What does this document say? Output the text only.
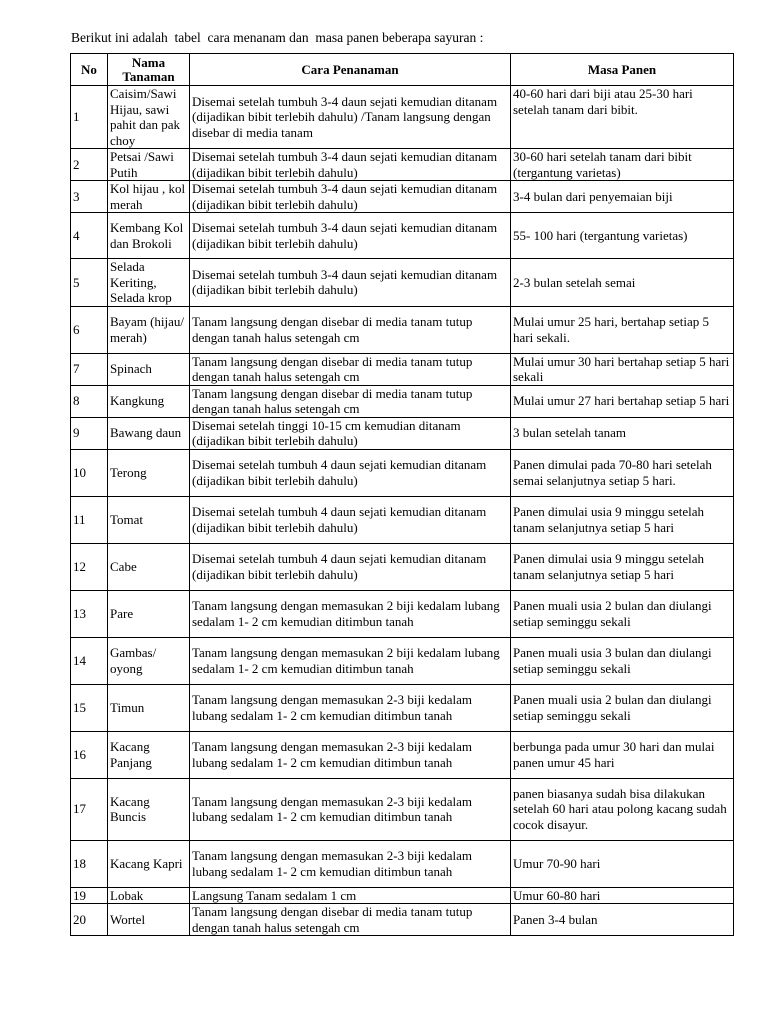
Berikut ini adalah  tabel  cara menanam dan  masa panen beberapa sayuran :
No	Nama Tanaman	Cara Penanaman	Masa Panen
1	Caisim/Sawi Hijau, sawi pahit dan pak choy	Disemai setelah tumbuh 3-4 daun sejati kemudian ditanam (dijadikan bibit terlebih dahulu) /Tanam langsung dengan disebar di media tanam	40-60 hari dari biji atau 25-30 hari setelah tanam dari bibit.
2	Petsai /Sawi Putih	Disemai setelah tumbuh 3-4 daun sejati kemudian ditanam (dijadikan bibit terlebih dahulu)	30-60 hari setelah tanam dari bibit (tergantung varietas)
3	Kol hijau , kol merah	Disemai setelah tumbuh 3-4 daun sejati kemudian ditanam (dijadikan bibit terlebih dahulu)	3-4 bulan dari penyemaian biji
4	Kembang Kol dan Brokoli	Disemai setelah tumbuh 3-4 daun sejati kemudian ditanam (dijadikan bibit terlebih dahulu)	55- 100 hari (tergantung varietas)
5	Selada Keriting, Selada krop	Disemai setelah tumbuh 3-4 daun sejati kemudian ditanam (dijadikan bibit terlebih dahulu)	2-3 bulan setelah semai
6	Bayam (hijau/ merah)	Tanam langsung dengan disebar di media tanam tutup dengan tanah halus setengah cm	Mulai umur 25 hari, bertahap setiap 5 hari sekali.
7	Spinach	Tanam langsung dengan disebar di media tanam tutup dengan tanah halus setengah cm	Mulai umur 30 hari bertahap setiap 5 hari sekali
8	Kangkung	Tanam langsung dengan disebar di media tanam tutup dengan tanah halus setengah cm	Mulai umur 27 hari bertahap setiap 5 hari
9	Bawang daun	Disemai setelah tinggi 10-15 cm kemudian ditanam (dijadikan bibit terlebih dahulu)	3 bulan setelah tanam
10	Terong	Disemai setelah tumbuh 4 daun sejati kemudian ditanam (dijadikan bibit terlebih dahulu)	Panen dimulai pada 70-80 hari setelah semai selanjutnya setiap 5 hari.
11	Tomat	Disemai setelah tumbuh 4 daun sejati kemudian ditanam (dijadikan bibit terlebih dahulu)	Panen dimulai usia 9 minggu setelah tanam selanjutnya setiap 5 hari
12	Cabe	Disemai setelah tumbuh 4 daun sejati kemudian ditanam (dijadikan bibit terlebih dahulu)	Panen dimulai usia 9 minggu setelah tanam selanjutnya setiap 5 hari
13	Pare	Tanam langsung dengan memasukan 2 biji kedalam lubang sedalam 1- 2 cm kemudian ditimbun tanah	Panen muali usia 2 bulan dan diulangi setiap seminggu sekali
14	Gambas/ oyong	Tanam langsung dengan memasukan 2 biji kedalam lubang sedalam 1- 2 cm kemudian ditimbun tanah	Panen muali usia 3 bulan dan diulangi setiap seminggu sekali
15	Timun	Tanam langsung dengan memasukan 2-3 biji kedalam lubang sedalam 1- 2 cm kemudian ditimbun tanah	Panen muali usia 2 bulan dan diulangi setiap seminggu sekali
16	Kacang Panjang	Tanam langsung dengan memasukan 2-3 biji kedalam lubang sedalam 1- 2 cm kemudian ditimbun tanah	berbunga pada umur 30 hari dan mulai panen umur 45 hari
17	Kacang Buncis	Tanam langsung dengan memasukan 2-3 biji kedalam lubang sedalam 1- 2 cm kemudian ditimbun tanah	panen biasanya sudah bisa dilakukan setelah 60 hari atau polong kacang sudah cocok disayur.
18	Kacang Kapri	Tanam langsung dengan memasukan 2-3 biji kedalam lubang sedalam 1- 2 cm kemudian ditimbun tanah	Umur 70-90 hari
19	Lobak	Langsung Tanam sedalam 1 cm	Umur 60-80 hari
20	Wortel	Tanam langsung dengan disebar di media tanam tutup dengan tanah halus setengah cm	Panen 3-4 bulan
